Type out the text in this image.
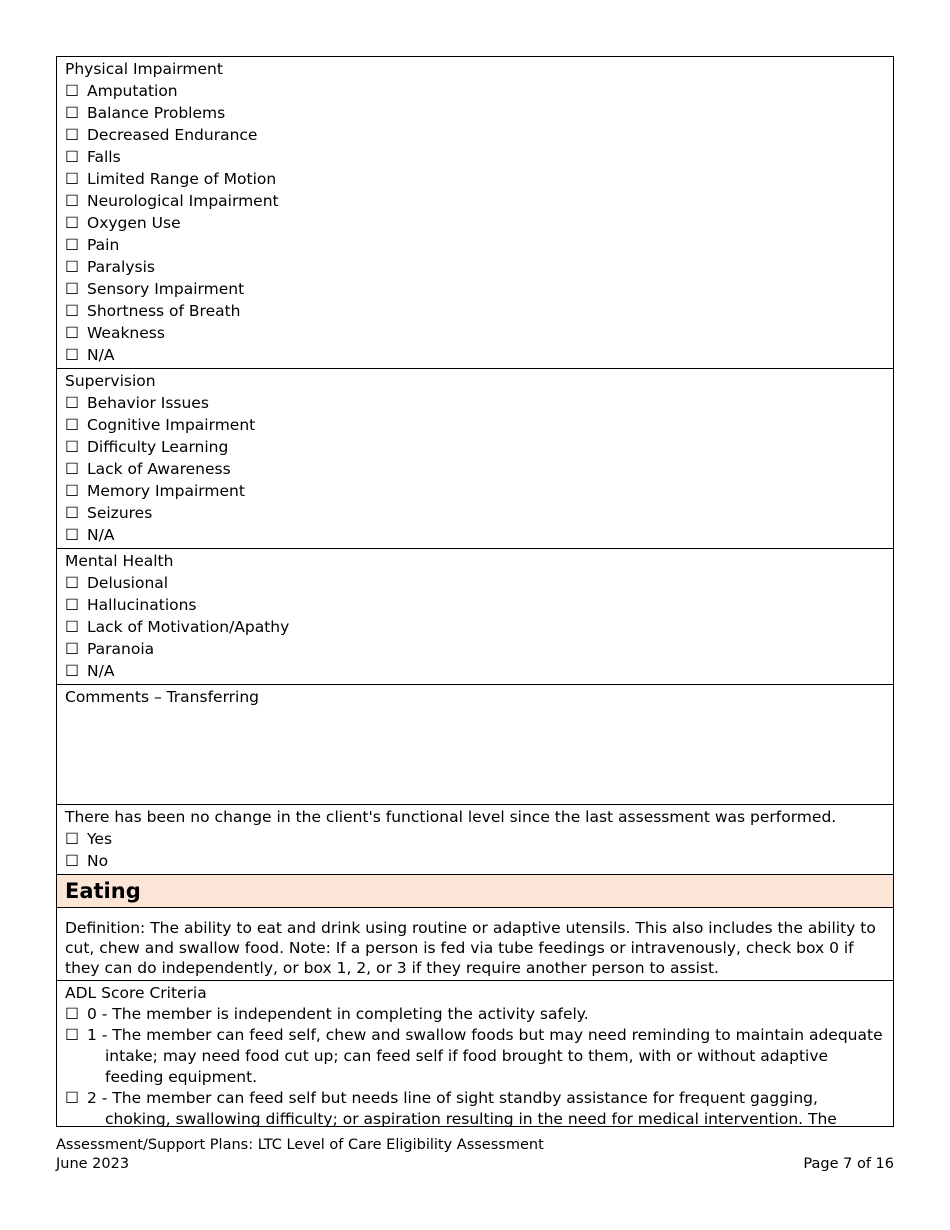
Physical Impairment
☐ Amputation
☐ Balance Problems
☐ Decreased Endurance
☐ Falls
☐ Limited Range of Motion
☐ Neurological Impairment
☐ Oxygen Use
☐ Pain
☐ Paralysis
☐ Sensory Impairment
☐ Shortness of Breath
☐ Weakness
☐ N/A
Supervision
☐ Behavior Issues
☐ Cognitive Impairment
☐ Difficulty Learning
☐ Lack of Awareness
☐ Memory Impairment
☐ Seizures
☐ N/A
Mental Health
☐ Delusional
☐ Hallucinations
☐ Lack of Motivation/Apathy
☐ Paranoia
☐ N/A
Comments – Transferring
There has been no change in the client's functional level since the last assessment was performed.
☐ Yes
☐ No
Eating
Definition: The ability to eat and drink using routine or adaptive utensils. This also includes the ability to cut, chew and swallow food. Note: If a person is fed via tube feedings or intravenously, check box 0 if they can do independently, or box 1, 2, or 3 if they require another person to assist.
ADL Score Criteria
☐ 0 - The member is independent in completing the activity safely.
☐ 1 - The member can feed self, chew and swallow foods but may need reminding to maintain adequate intake; may need food cut up; can feed self if food brought to them, with or without adaptive feeding equipment.
☐ 2 - The member can feed self but needs line of sight standby assistance for frequent gagging, choking, swallowing difficulty; or aspiration resulting in the need for medical intervention. The
Assessment/Support Plans: LTC Level of Care Eligibility Assessment
June 2023	Page 7 of 16
